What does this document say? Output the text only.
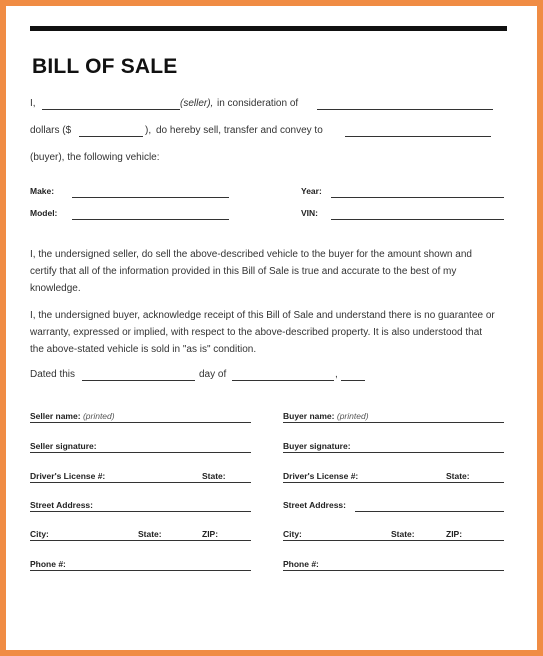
BILL OF SALE
I,	(seller), in consideration of
dollars ($	), do hereby sell, transfer and convey to
(buyer), the following vehicle:
Make:	Year:
Model:	VIN:
I, the undersigned seller, do sell the above-described vehicle to the buyer for the amount shown and certify that all of the information provided in this Bill of Sale is true and accurate to the best of my knowledge.
I, the undersigned buyer, acknowledge receipt of this Bill of Sale and understand there is no guarantee or warranty, expressed or implied, with respect to the above-described property. It is also understood that the above-stated vehicle is sold in "as is" condition.
Dated this	day of	,
Seller name: (printed)
Seller signature:
Driver's License #:	State:
Street Address:
City:	State:	ZIP:
Phone #:
Buyer name: (printed)
Buyer signature:
Driver's License #:	State:
Street Address:
City:	State:	ZIP:
Phone #:
